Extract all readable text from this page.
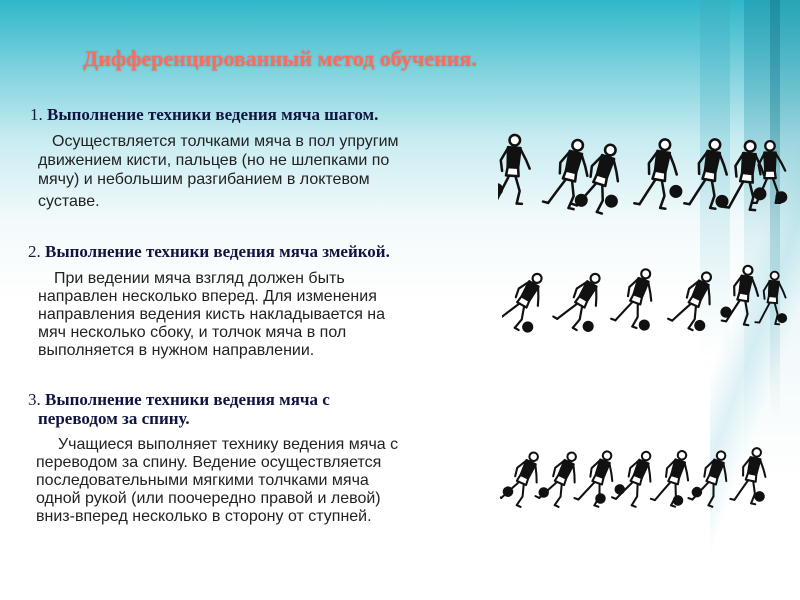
Дифференцированный метод обучения.
1. Выполнение техники ведения мяча шагом.
Осуществляется толчками мяча в пол упругим
движением кисти, пальцев (но не шлепками по
мячу) и небольшим разгибанием в локтевом
суставе.
2. Выполнение техники ведения мяча змейкой.
При ведении мяча взгляд должен быть
направлен несколько вперед. Для изменения
направления ведения кисть накладывается на
мяч несколько сбоку, и толчок мяча в пол
выполняется в нужном направлении.
3. Выполнение техники ведения мяча с
переводом за спину.
Учащиеся выполняет технику ведения мяча с
переводом за спину. Ведение осуществляется
последовательными мягкими толчками мяча
одной рукой (или поочередно правой и левой)
вниз-вперед несколько в сторону от ступней.
